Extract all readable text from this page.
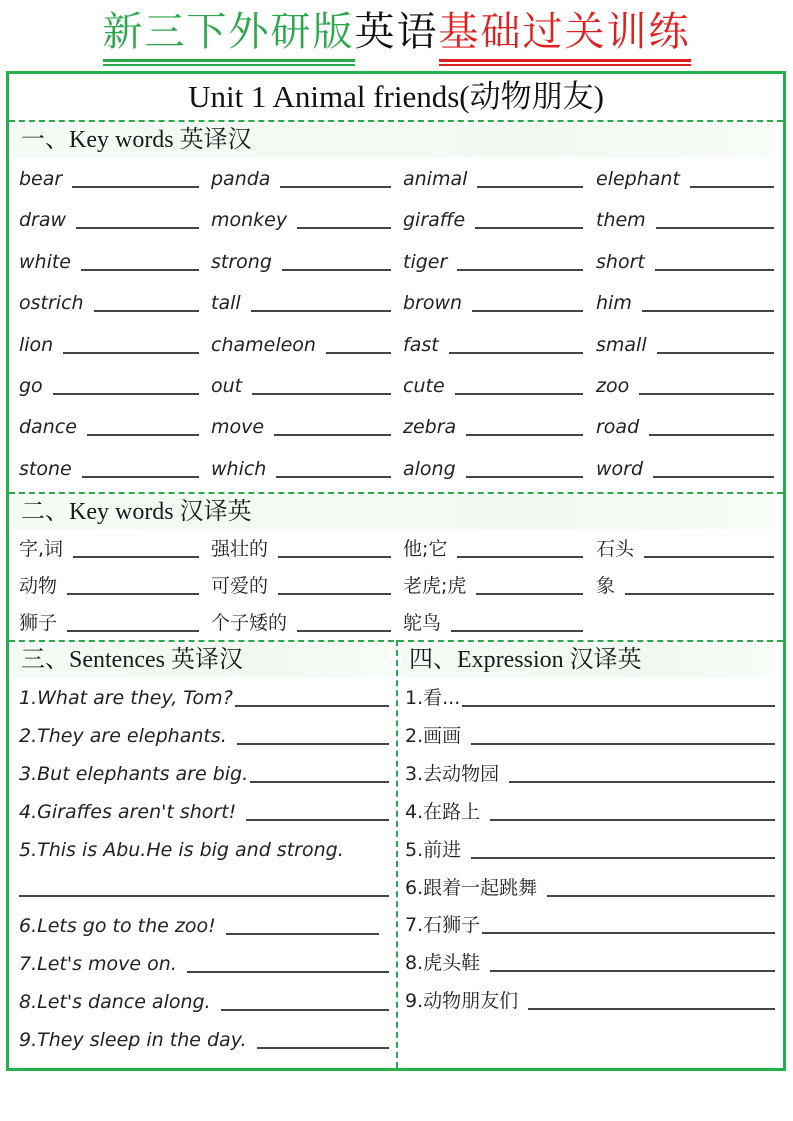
新三下外研版英语基础过关训练
Unit 1 Animal friends(动物朋友)
一、Key words 英译汉
bear	panda	animal	elephant
draw	monkey	giraffe	them
white	strong	tiger	short
ostrich	tall	brown	him
lion	chameleon	fast	small
go	out	cute	zoo
dance	move	zebra	road
stone	which	along	word
二、Key words 汉译英
字,词	强壮的	他;它	石头
动物	可爱的	老虎;虎	象
狮子	个子矮的	鸵鸟
三、Sentences 英译汉	四、Expression 汉译英
1.What are they, Tom?
2.They are elephants.
3.But elephants are big.
4.Giraffes aren't short!
5.This is Abu.He is big and strong.
6.Lets go to the zoo!
7.Let's move on.
8.Let's dance along.
9.They sleep in the day.
1.看...
2.画画
3.去动物园
4.在路上
5.前进
6.跟着一起跳舞
7.石狮子
8.虎头鞋
9.动物朋友们
